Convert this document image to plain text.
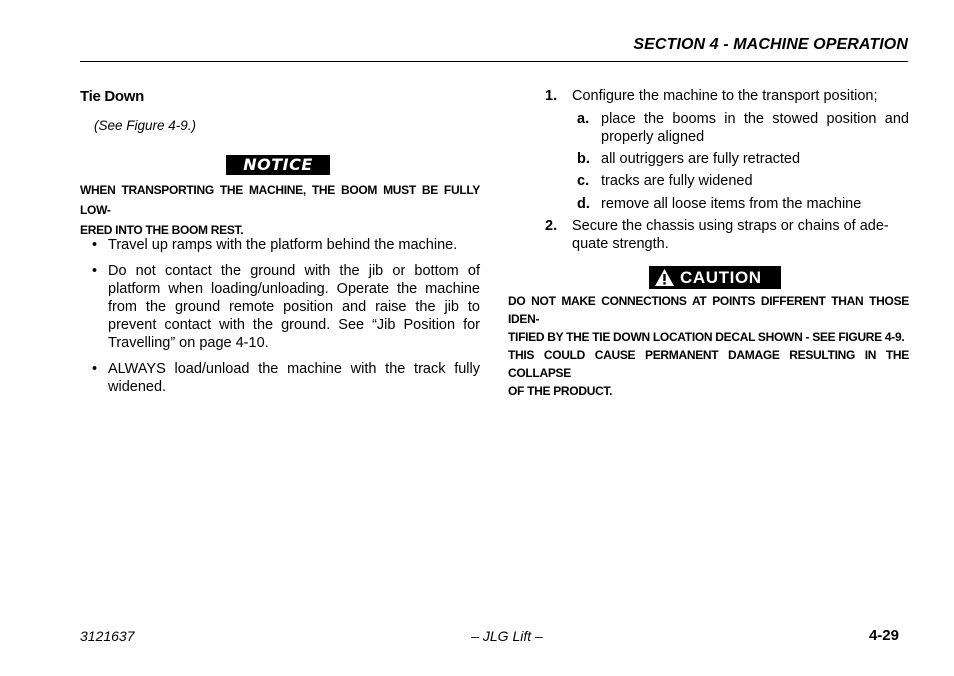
SECTION 4 - MACHINE OPERATION
Tie Down
(See Figure 4-9.)
NOTICE
WHEN TRANSPORTING THE MACHINE, THE BOOM MUST BE FULLY LOW-
ERED INTO THE BOOM REST.
• Travel up ramps with the platform behind the machine.
• Do not contact the ground with the jib or bottom of platform when loading/unloading. Operate the machine from the ground remote position and raise the jib to prevent contact with the ground. See “Jib Position for Travelling” on page 4-10.
• ALWAYS load/unload the machine with the track fully widened.
1. Configure the machine to the transport position;
a. place the booms in the stowed position and properly aligned
b. all outriggers are fully retracted
c. tracks are fully widened
d. remove all loose items from the machine
2. Secure the chassis using straps or chains of ade-quate strength.
CAUTION
DO NOT MAKE CONNECTIONS AT POINTS DIFFERENT THAN THOSE IDEN-
TIFIED BY THE TIE DOWN LOCATION DECAL SHOWN - SEE FIGURE 4-9.
THIS COULD CAUSE PERMANENT DAMAGE RESULTING IN THE COLLAPSE
OF THE PRODUCT.
3121637	– JLG Lift –	4-29
